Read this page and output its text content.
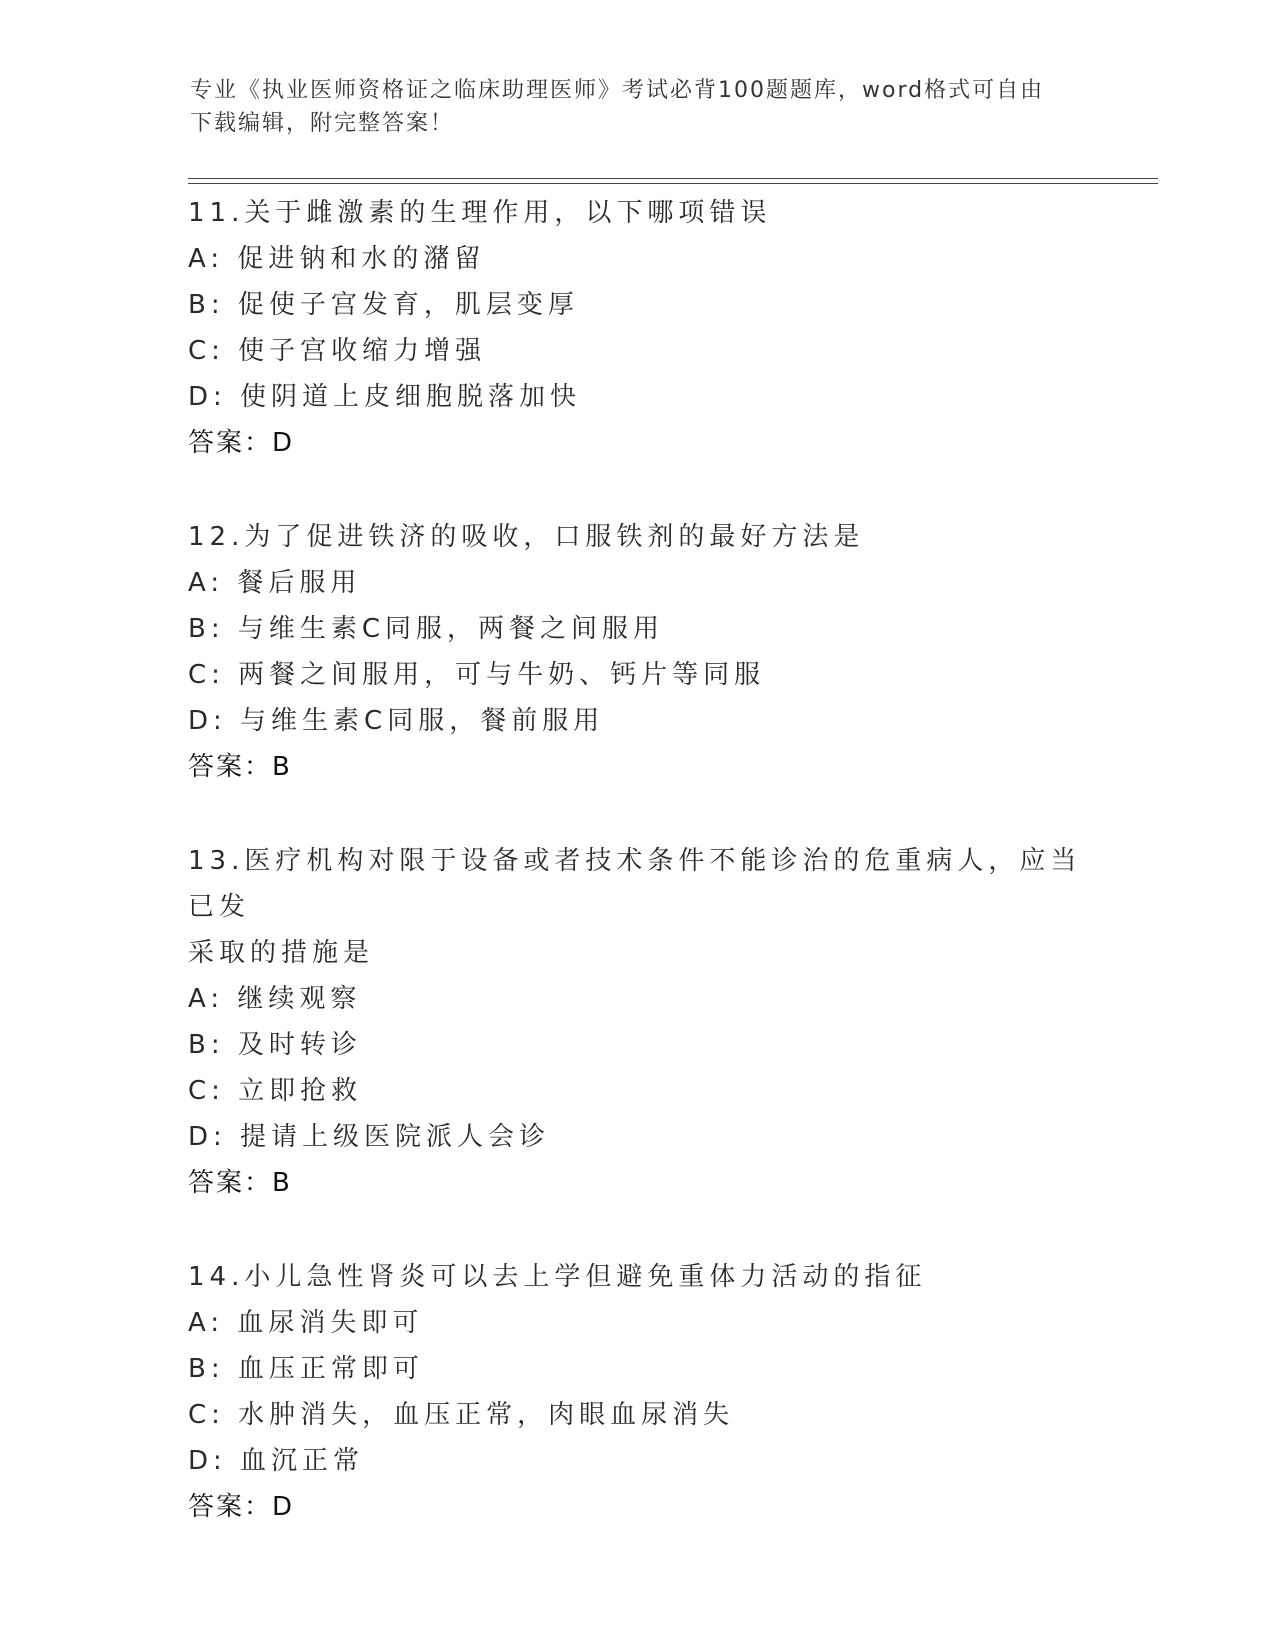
专业《执业医师资格证之临床助理医师》考试必背100题题库，word格式可自由
下载编辑，附完整答案！
11.关于雌激素的生理作用，以下哪项错误
A: 促进钠和水的潴留
B: 促使子宫发育，肌层变厚
C: 使子宫收缩力增强
D: 使阴道上皮细胞脱落加快
答案：D
12.为了促进铁济的吸收，口服铁剂的最好方法是
A: 餐后服用
B: 与维生素C同服，两餐之间服用
C: 两餐之间服用，可与牛奶、钙片等同服
D: 与维生素C同服，餐前服用
答案：B
13.医疗机构对限于设备或者技术条件不能诊治的危重病人，应当已发
采取的措施是
A: 继续观察
B: 及时转诊
C: 立即抢救
D: 提请上级医院派人会诊
答案：B
14.小儿急性肾炎可以去上学但避免重体力活动的指征
A: 血尿消失即可
B: 血压正常即可
C: 水肿消失，血压正常，肉眼血尿消失
D: 血沉正常
答案：D
